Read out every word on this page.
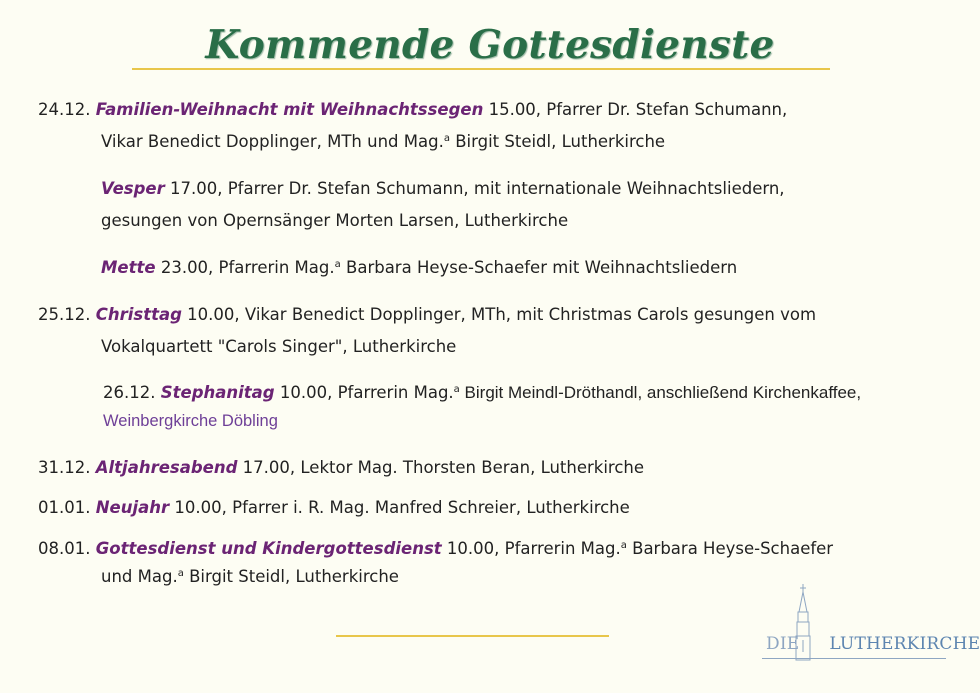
Kommende Gottesdienste
24.12. Familien-Weihnacht mit Weihnachtssegen 15.00, Pfarrer Dr. Stefan Schumann,
Vikar Benedict Dopplinger, MTh und Mag.$^a$ Birgit Steidl, Lutherkirche
Vesper 17.00, Pfarrer Dr. Stefan Schumann, mit internationale Weihnachtsliedern,
gesungen von Opernsänger Morten Larsen, Lutherkirche
Mette 23.00, Pfarrerin Mag.$^a$ Barbara Heyse-Schaefer mit Weihnachtsliedern
25.12. Christtag 10.00, Vikar Benedict Dopplinger, MTh, mit Christmas Carols gesungen vom
Vokalquartett "Carols Singer", Lutherkirche
26.12. Stephanitag 10.00, Pfarrerin Mag.$^a$ Birgit Meindl-Dröthandl, anschließend Kirchenkaffee,
Weinbergkirche Döbling
31.12. Altjahresabend 17.00, Lektor Mag. Thorsten Beran, Lutherkirche
01.01. Neujahr 10.00, Pfarrer i. R. Mag. Manfred Schreier, Lutherkirche
08.01. Gottesdienst und Kindergottesdienst 10.00, Pfarrerin Mag.$^a$ Barbara Heyse-Schaefer
und Mag.$^a$ Birgit Steidl, Lutherkirche
DIE LUTHERKIRCHE
